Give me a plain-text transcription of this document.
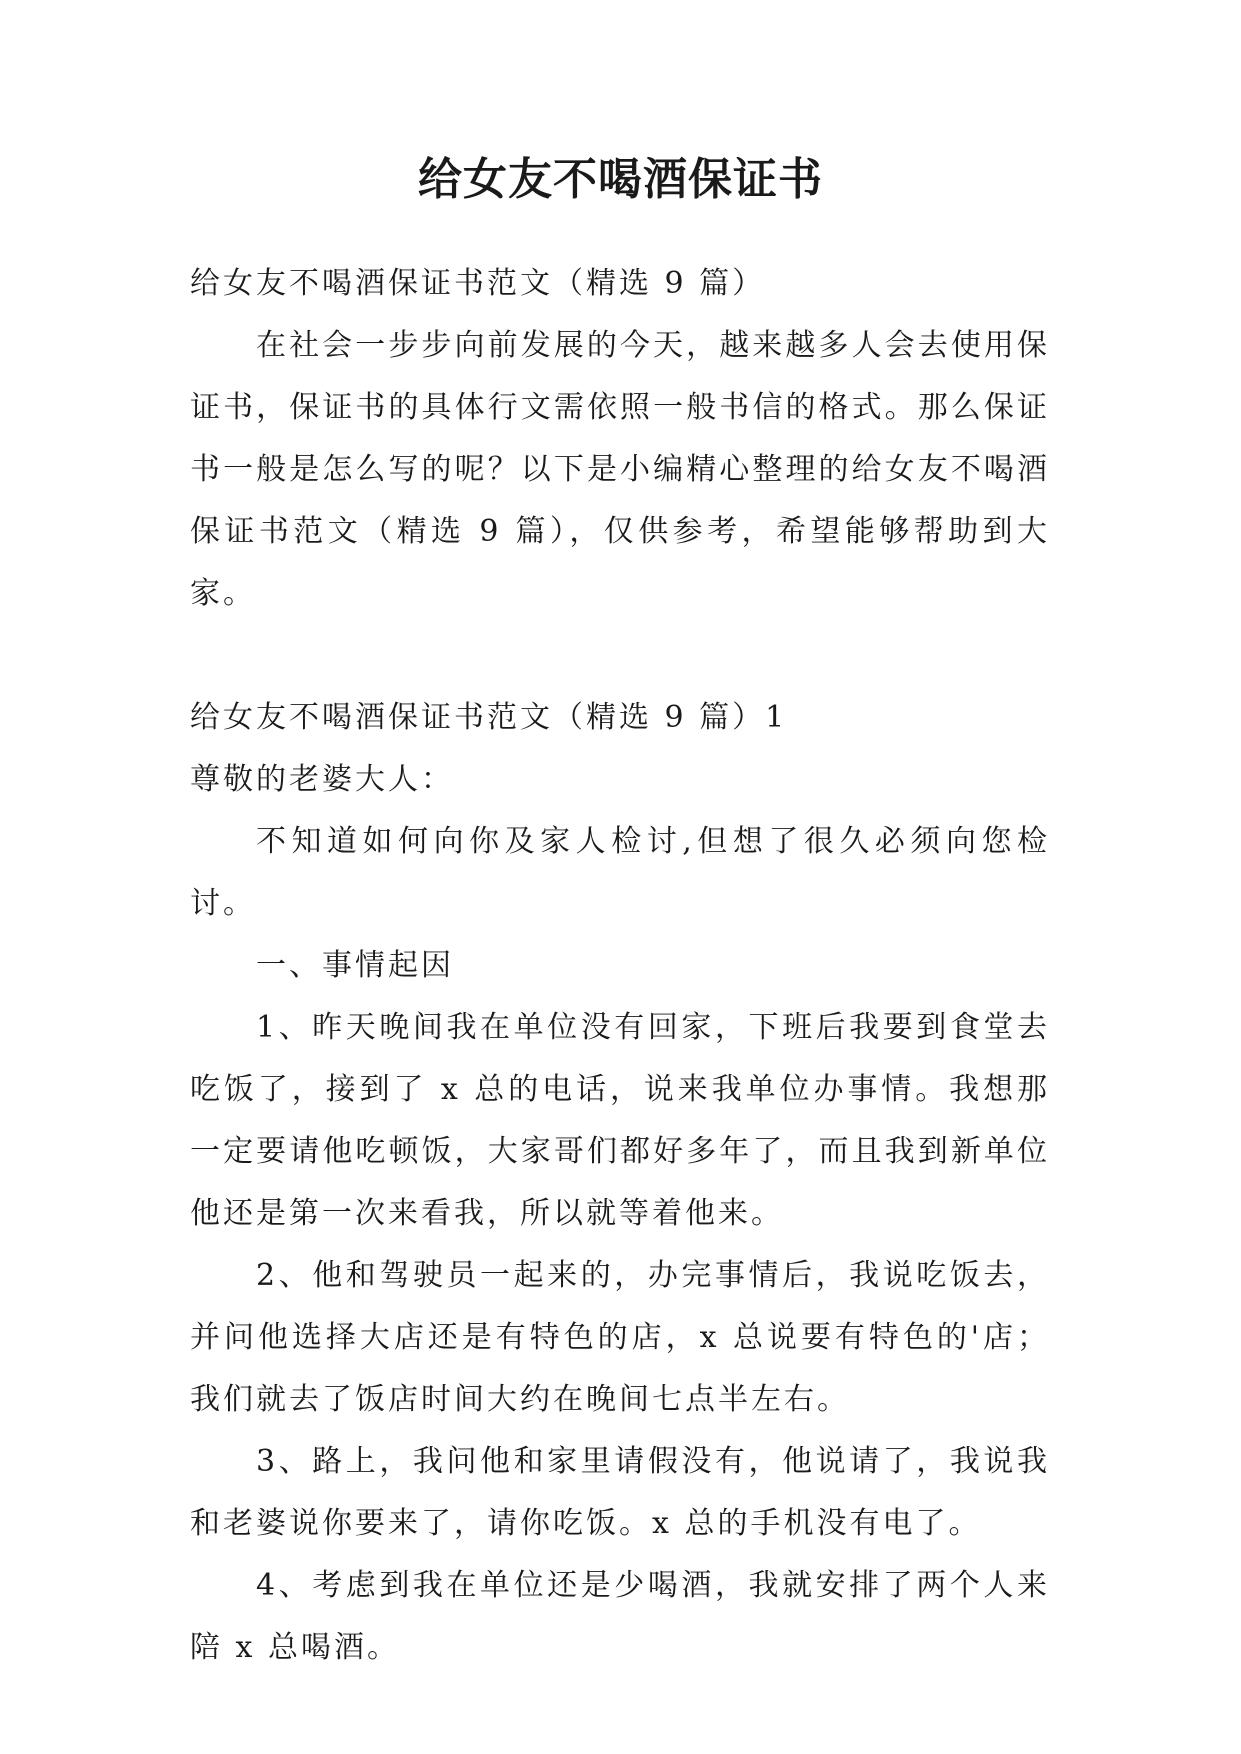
给女友不喝酒保证书

给女友不喝酒保证书范文（精选 9 篇）

在社会一步步向前发展的今天，越来越多人会去使用保证书，保证书的具体行文需依照一般书信的格式。那么保证书一般是怎么写的呢？以下是小编精心整理的给女友不喝酒保证书范文（精选 9 篇），仅供参考，希望能够帮助到大家。

给女友不喝酒保证书范文（精选 9 篇）1

尊敬的老婆大人：

不知道如何向你及家人检讨,但想了很久必须向您检讨。

一、事情起因

1、昨天晚间我在单位没有回家，下班后我要到食堂去吃饭了，接到了 x 总的电话，说来我单位办事情。我想那一定要请他吃顿饭，大家哥们都好多年了，而且我到新单位他还是第一次来看我，所以就等着他来。

2、他和驾驶员一起来的，办完事情后，我说吃饭去，并问他选择大店还是有特色的店，x 总说要有特色的'店；我们就去了饭店时间大约在晚间七点半左右。

3、路上，我问他和家里请假没有，他说请了，我说我和老婆说你要来了，请你吃饭。x 总的手机没有电了。

4、考虑到我在单位还是少喝酒，我就安排了两个人来陪 x 总喝酒。
